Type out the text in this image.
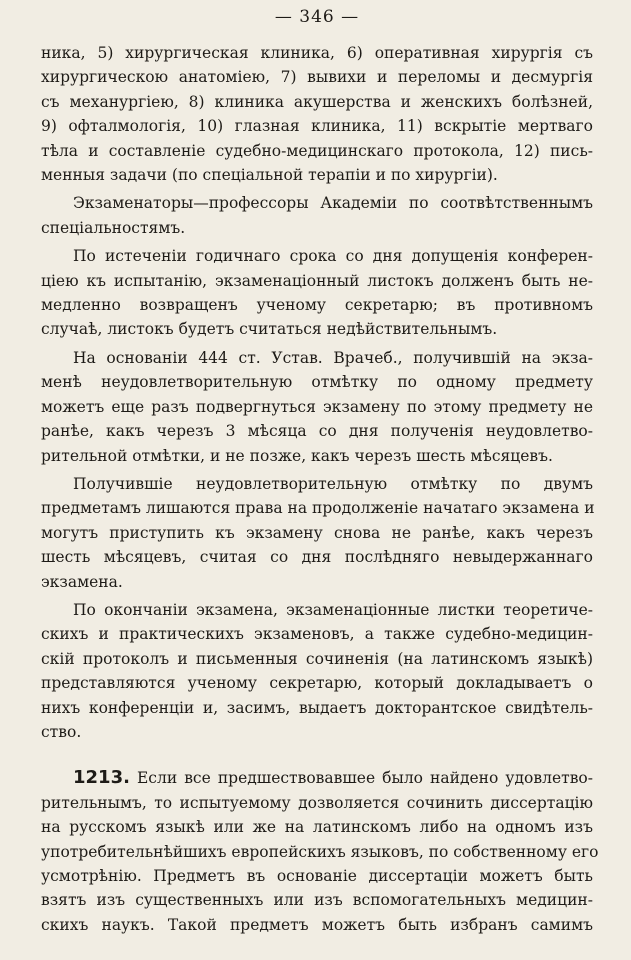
— 346 —
ника, 5) хирургическая клиника, 6) оперативная хирургія съ
хирургическою анатоміею, 7) вывихи и переломы и десмургія
съ механургіею, 8) клиника акушерства и женскихъ болѣзней,
9) офталмологія, 10) глазная клиника, 11) вскрытіе мертваго
тѣла и составленіе судебно-медицинскаго протокола, 12) пись-
менныя задачи (по спеціальной терапіи и по хирургіи).
Экзаменаторы—профессоры Академіи по соотвѣтственнымъ
спеціальностямъ.
По истеченіи годичнаго срока со дня допущенія конферен-
ціею къ испытанію, экзаменаціонный листокъ долженъ быть не-
медленно возвращенъ ученому секретарю; въ противномъ
случаѣ, листокъ будетъ считаться недѣйствительнымъ.
На основаніи 444 ст. Устав. Врачеб., получившій на экза-
менѣ неудовлетворительную отмѣтку по одному предмету
можетъ еще разъ подвергнуться экзамену по этому предмету не
ранѣе, какъ черезъ 3 мѣсяца со дня полученія неудовлетво-
рительной отмѣтки, и не позже, какъ черезъ шесть мѣсяцевъ.
Получившіе неудовлетворительную отмѣтку по двумъ
предметамъ лишаются права на продолженіе начатаго экзамена и
могутъ приступить къ экзамену снова не ранѣе, какъ черезъ
шесть мѣсяцевъ, считая со дня послѣдняго невыдержаннаго
экзамена.
По окончаніи экзамена, экзаменаціонные листки теоретиче-
скихъ и практическихъ экзаменовъ, а также судебно-медицин-
скій протоколъ и письменныя сочиненія (на латинскомъ языкѣ)
представляются ученому секретарю, который докладываетъ о
нихъ конференціи и, засимъ, выдаетъ докторантское свидѣтель-
ство.
1213. Если все предшествовавшее было найдено удовлетво-
рительнымъ, то испытуемому дозволяется сочинить диссертацію
на русскомъ языкѣ или же на латинскомъ либо на одномъ изъ
употребительнѣйшихъ европейскихъ языковъ, по собственному его
усмотрѣнію. Предметъ въ основаніе диссертаціи можетъ быть
взятъ изъ существенныхъ или изъ вспомогательныхъ медицин-
скихъ наукъ. Такой предметъ можетъ быть избранъ самимъ
